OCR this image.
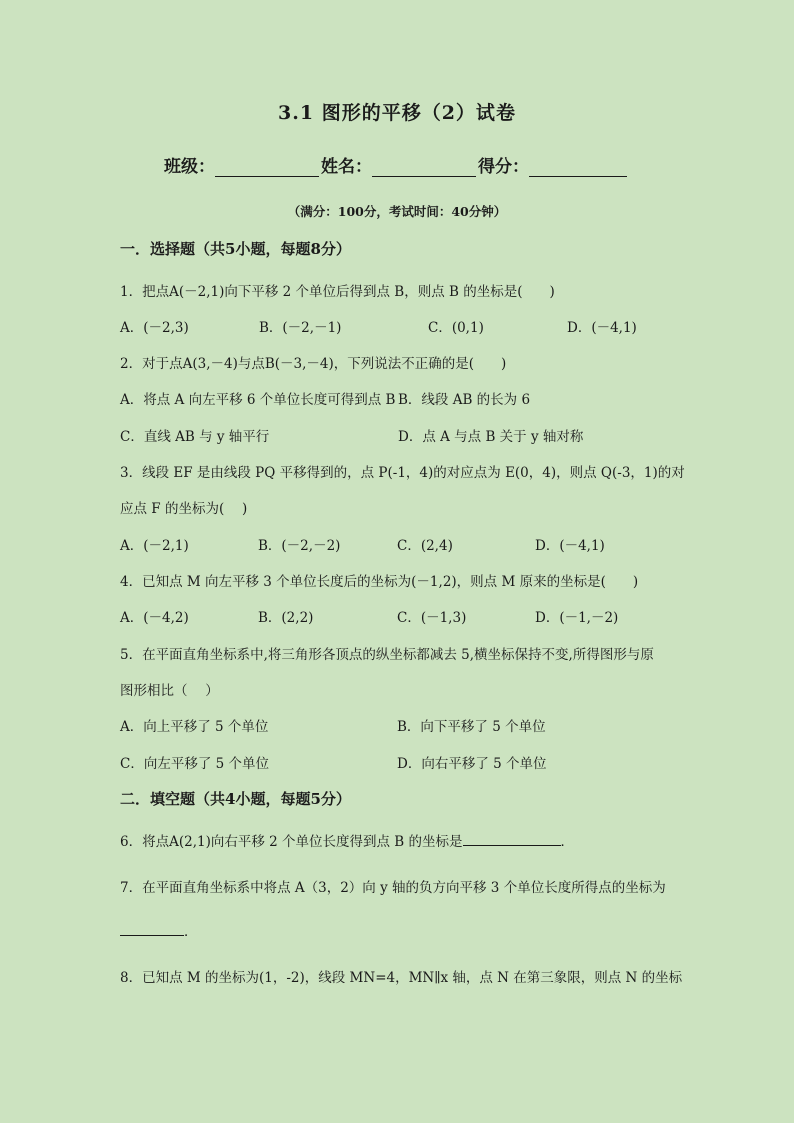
3.1 图形的平移（2）试卷
班级：	姓名：	得分：
（满分：100分，考试时间：40分钟）
一．选择题（共5小题，每题8分）
1．把点A(－2,1)向下平移 2 个单位后得到点 B，则点 B 的坐标是(　　)
A．(－2,3)	B．(－2,－1)	C．(0,1)	D．(－4,1)
2．对于点A(3,－4)与点B(－3,－4)，下列说法不正确的是(　　)
A．将点 A 向左平移 6 个单位长度可得到点 B B．线段 AB 的长为 6
C．直线 AB 与 y 轴平行	D．点 A 与点 B 关于 y 轴对称
3．线段 EF 是由线段 PQ 平移得到的，点 P(-1，4)的对应点为 E(0，4)，则点 Q(-3，1)的对
应点 F 的坐标为(　 )
A．(－2,1)	B．(－2,－2)	C．(2,4)	D．(－4,1)
4．已知点 M 向左平移 3 个单位长度后的坐标为(－1,2)，则点 M 原来的坐标是(　　)
A．(－4,2)	B．(2,2)	C．(－1,3)	D．(－1,－2)
5．在平面直角坐标系中,将三角形各顶点的纵坐标都减去 5,横坐标保持不变,所得图形与原
图形相比（　 ）
A．向上平移了 5 个单位	B．向下平移了 5 个单位
C．向左平移了 5 个单位	D．向右平移了 5 个单位
二．填空题（共4小题，每题5分）
6．将点A(2,1)向右平移 2 个单位长度得到点 B 的坐标是	．
7．在平面直角坐标系中将点 A（3，2）向 y 轴的负方向平移 3 个单位长度所得点的坐标为
．
8．已知点 M 的坐标为(1，-2)，线段 MN=4，MN∥x 轴，点 N 在第三象限，则点 N 的坐标
